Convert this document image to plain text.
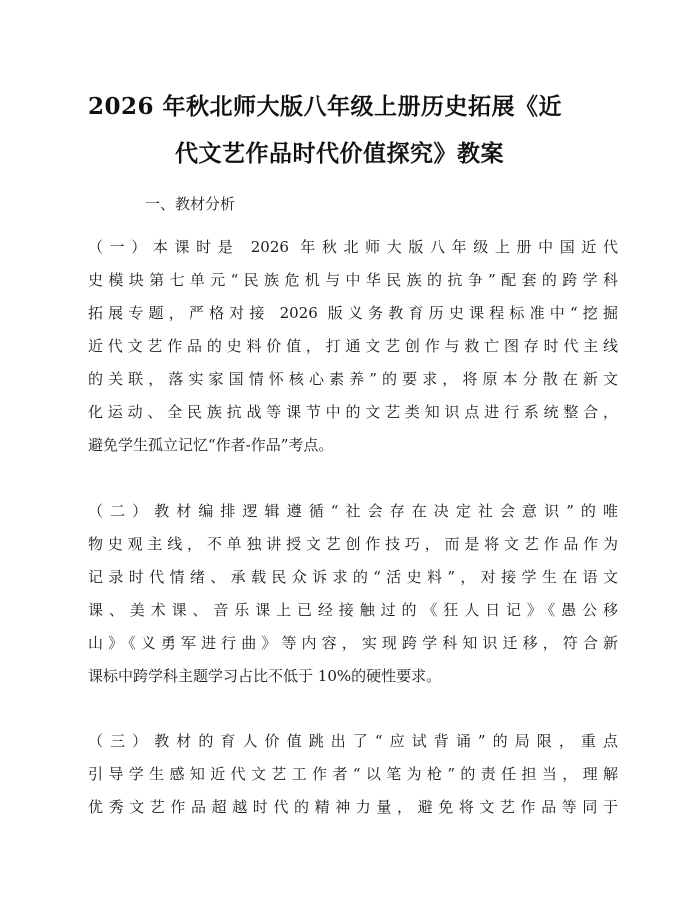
2026 年秋北师大版八年级上册历史拓展《近
代文艺作品时代价值探究》教案
一、教材分析
（一）本课时是 2026 年秋北师大版八年级上册中国近代
史模块第七单元“民族危机与中华民族的抗争”配套的跨学科
拓展专题，严格对接 2026 版义务教育历史课程标准中“挖掘
近代文艺作品的史料价值，打通文艺创作与救亡图存时代主线
的关联，落实家国情怀核心素养”的要求，将原本分散在新文
化运动、全民族抗战等课节中的文艺类知识点进行系统整合，
避免学生孤立记忆“作者-作品”考点。
（二）教材编排逻辑遵循“社会存在决定社会意识”的唯
物史观主线，不单独讲授文艺创作技巧，而是将文艺作品作为
记录时代情绪、承载民众诉求的“活史料”，对接学生在语文
课、美术课、音乐课上已经接触过的《狂人日记》《愚公移
山》《义勇军进行曲》等内容，实现跨学科知识迁移，符合新
课标中跨学科主题学习占比不低于 10%的硬性要求。
（三）教材的育人价值跳出了“应试背诵”的局限，重点
引导学生感知近代文艺工作者“以笔为枪”的责任担当，理解
优秀文艺作品超越时代的精神力量，避免将文艺作品等同于
